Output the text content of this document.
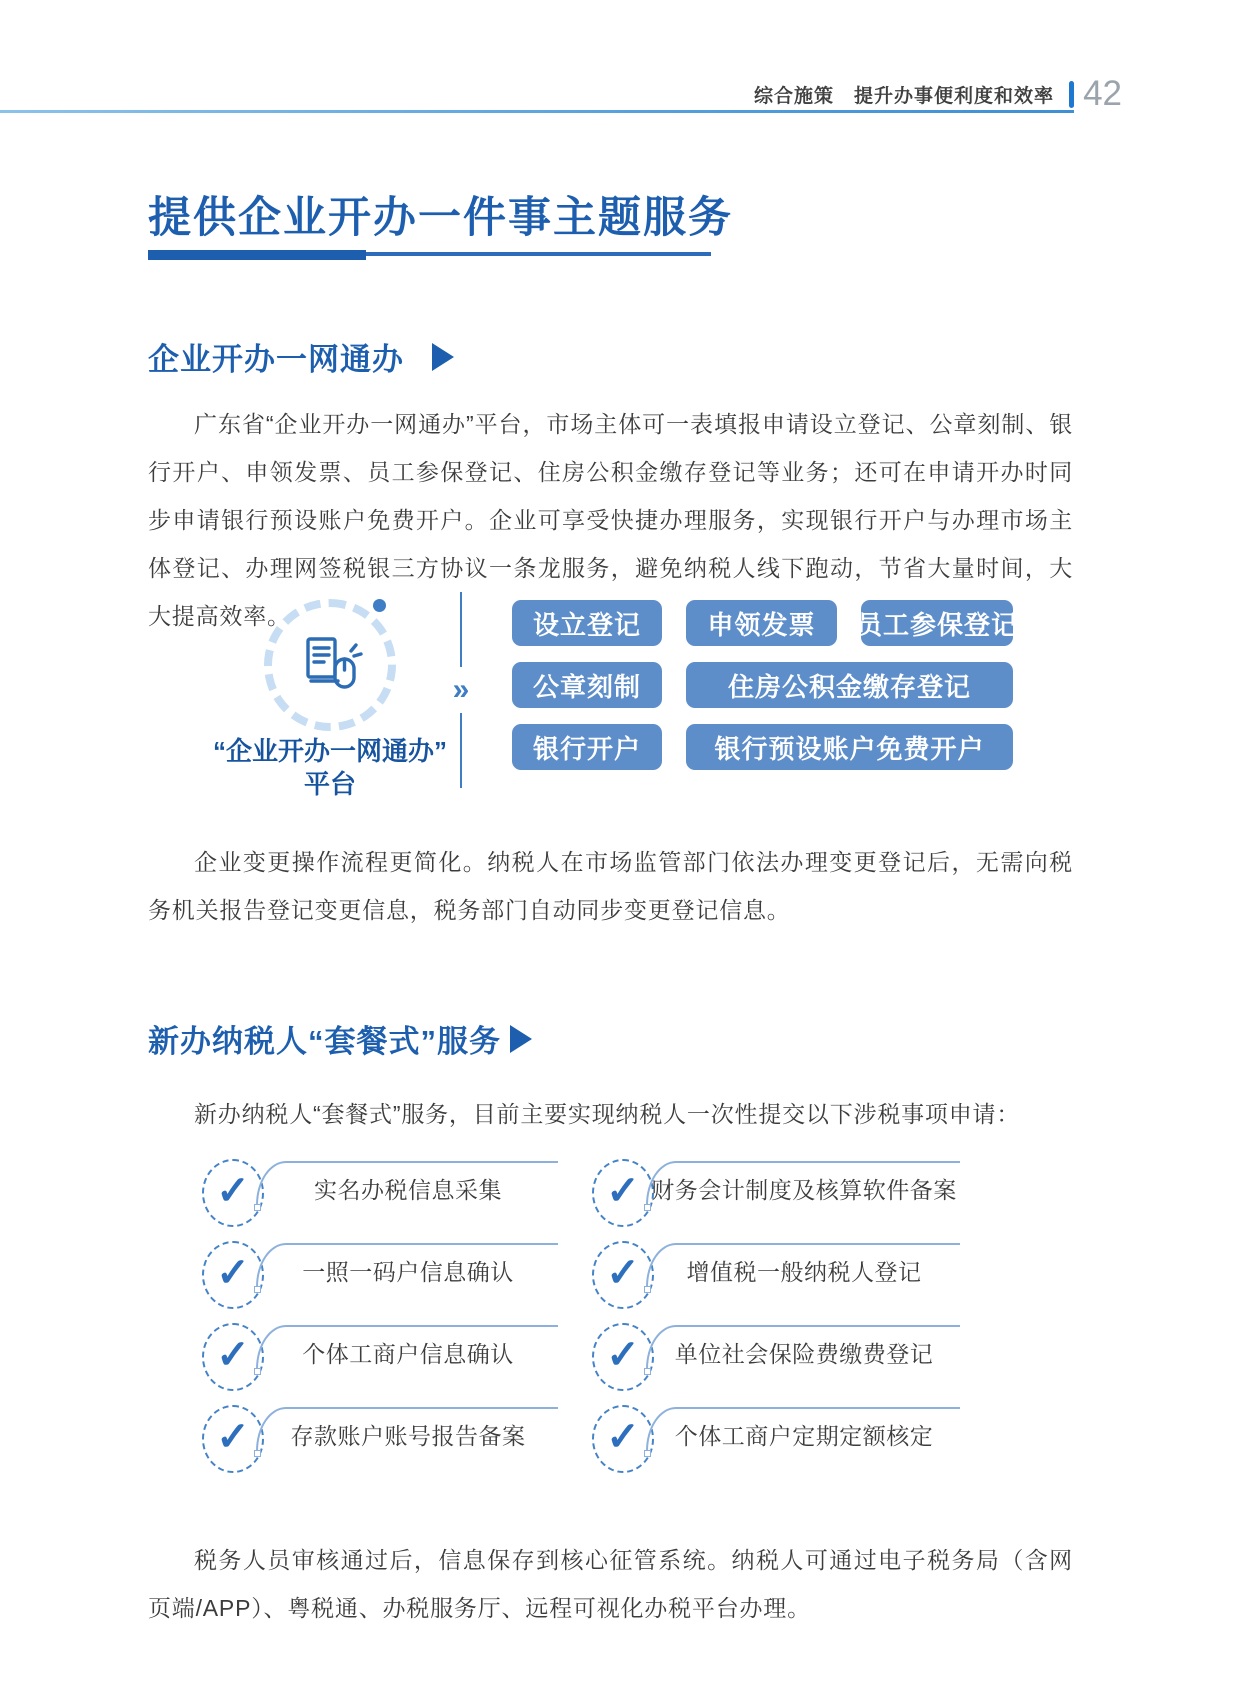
综合施策　提升办事便利度和效率 42
提供企业开办一件事主题服务
企业开办一网通办
广东省“企业开办一网通办”平台，市场主体可一表填报申请设立登记、公章刻制、银行开户、申领发票、员工参保登记、住房公积金缴存登记等业务；还可在申请开办时同步申请银行预设账户免费开户。企业可享受快捷办理服务，实现银行开户与办理市场主体登记、办理网签税银三方协议一条龙服务，避免纳税人线下跑动，节省大量时间，大大提高效率。
“企业开办一网通办”
平台
»
设立登记	申领发票	员工参保登记
公章刻制	住房公积金缴存登记
银行开户	银行预设账户免费开户
企业变更操作流程更简化。纳税人在市场监管部门依法办理变更登记后，无需向税务机关报告登记变更信息，税务部门自动同步变更登记信息。
新办纳税人“套餐式”服务
新办纳税人“套餐式”服务，目前主要实现纳税人一次性提交以下涉税事项申请：
✓	实名办税信息采集	✓ 财务会计制度及核算软件备案
✓ 一照一码户信息确认 ✓ 增值税一般纳税人登记
✓ 个体工商户信息确认 ✓ 单位社会保险费缴费登记
✓ 存款账户账号报告备案 ✓ 个体工商户定期定额核定
税务人员审核通过后，信息保存到核心征管系统。纳税人可通过电子税务局（含网页端/APP）、粤税通、办税服务厅、远程可视化办税平台办理。
